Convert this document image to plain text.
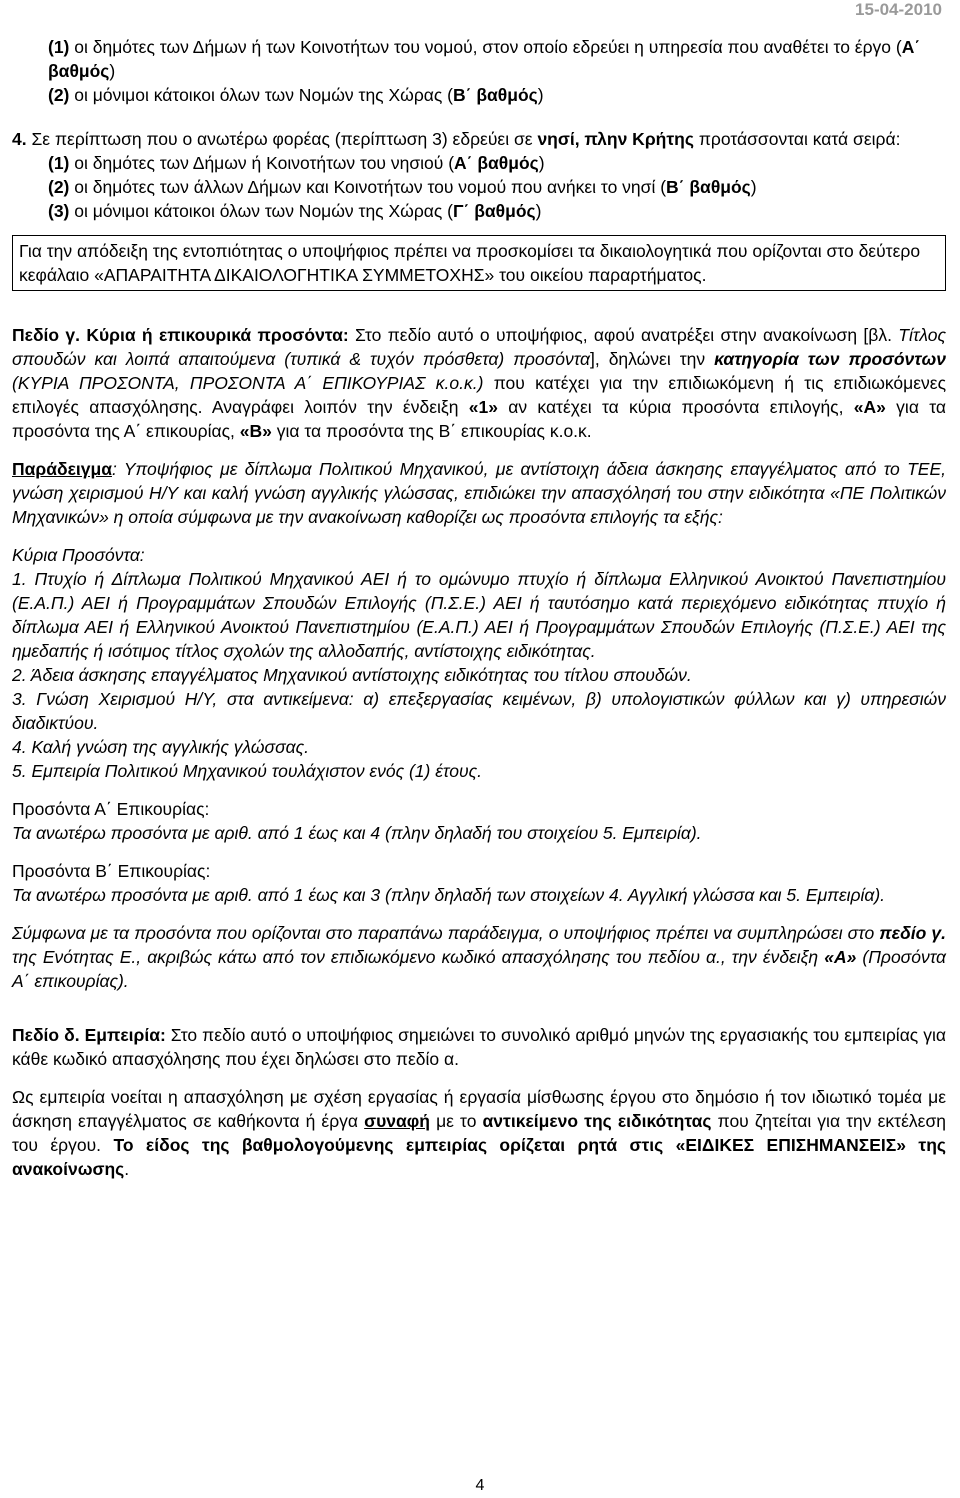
15-04-2010

(1) οι δημότες των Δήμων ή των Κοινοτήτων του νομού, στον οποίο εδρεύει η υπηρεσία που αναθέτει το έργο (Α΄ βαθμός)

(2) οι μόνιμοι κάτοικοι όλων των Νομών της Χώρας (Β΄ βαθμός)

4. Σε περίπτωση που ο ανωτέρω φορέας (περίπτωση 3) εδρεύει σε νησί, πλην Κρήτης προτάσσονται κατά σειρά:

(1) οι δημότες των Δήμων ή Κοινοτήτων του νησιού (Α΄ βαθμός)

(2) οι δημότες των άλλων Δήμων και Κοινοτήτων του νομού που ανήκει το νησί (Β΄ βαθμός)

(3) οι μόνιμοι κάτοικοι όλων των Νομών της Χώρας (Γ΄ βαθμός)

Για την απόδειξη της εντοπιότητας ο υποψήφιος πρέπει να προσκομίσει τα δικαιολογητικά που ορίζονται στο δεύτερο κεφάλαιο «ΑΠΑΡΑΙΤΗΤΑ ΔΙΚΑΙΟΛΟΓΗΤΙΚΑ ΣΥΜΜΕΤΟΧΗΣ» του οικείου παραρτήματος.

Πεδίο γ. Κύρια ή επικουρικά προσόντα: Στο πεδίο αυτό ο υποψήφιος, αφού ανατρέξει στην ανακοίνωση [βλ. Τίτλος σπουδών και λοιπά απαιτούμενα (τυπικά & τυχόν πρόσθετα) προσόντα], δηλώνει την κατηγορία των προσόντων (ΚΥΡΙΑ ΠΡΟΣΟΝΤΑ, ΠΡΟΣΟΝΤΑ Α΄ ΕΠΙΚΟΥΡΙΑΣ κ.ο.κ.) που κατέχει για την επιδιωκόμενη ή τις επιδιωκόμενες επιλογές απασχόλησης. Αναγράφει λοιπόν την ένδειξη «1» αν κατέχει τα κύρια προσόντα επιλογής, «Α» για τα προσόντα της Α΄ επικουρίας, «Β» για τα προσόντα της Β΄ επικουρίας κ.ο.κ.

Παράδειγμα: Υποψήφιος με δίπλωμα Πολιτικού Μηχανικού, με αντίστοιχη άδεια άσκησης επαγγέλματος από το ΤΕΕ, γνώση χειρισμού Η/Υ και καλή γνώση αγγλικής γλώσσας, επιδιώκει την απασχόλησή του στην ειδικότητα «ΠΕ Πολιτικών Μηχανικών» η οποία σύμφωνα με την ανακοίνωση καθορίζει ως προσόντα επιλογής τα εξής:

Κύρια Προσόντα:

1. Πτυχίο ή Δίπλωμα Πολιτικού Μηχανικού ΑΕΙ ή το ομώνυμο πτυχίο ή δίπλωμα Ελληνικού Ανοικτού Πανεπιστημίου (Ε.Α.Π.) ΑΕΙ ή Προγραμμάτων Σπουδών Επιλογής (Π.Σ.Ε.) ΑΕΙ ή ταυτόσημο κατά περιεχόμενο ειδικότητας πτυχίο ή δίπλωμα ΑΕΙ ή Ελληνικού Ανοικτού Πανεπιστημίου (Ε.Α.Π.) ΑΕΙ ή Προγραμμάτων Σπουδών Επιλογής (Π.Σ.Ε.) ΑΕΙ της ημεδαπής ή ισότιμος τίτλος σχολών της αλλοδαπής, αντίστοιχης ειδικότητας.

2. Άδεια άσκησης επαγγέλματος Μηχανικού αντίστοιχης ειδικότητας του τίτλου σπουδών.

3. Γνώση Χειρισμού Η/Υ, στα αντικείμενα: α) επεξεργασίας κειμένων, β) υπολογιστικών φύλλων και γ) υπηρεσιών διαδικτύου.

4. Καλή γνώση της αγγλικής γλώσσας.

5. Εμπειρία Πολιτικού Μηχανικού τουλάχιστον ενός (1) έτους.

Προσόντα Α΄ Επικουρίας:

Τα ανωτέρω προσόντα με αριθ. από 1 έως και 4 (πλην δηλαδή του στοιχείου 5. Εμπειρία).

Προσόντα Β΄ Επικουρίας:

Τα ανωτέρω προσόντα με αριθ. από 1 έως και 3 (πλην δηλαδή των στοιχείων 4. Αγγλική γλώσσα και 5. Εμπειρία).

Σύμφωνα με τα προσόντα που ορίζονται στο παραπάνω παράδειγμα, ο υποψήφιος πρέπει να συμπληρώσει στο πεδίο γ. της Ενότητας Ε., ακριβώς κάτω από τον επιδιωκόμενο κωδικό απασχόλησης του πεδίου α., την ένδειξη «Α» (Προσόντα Α΄ επικουρίας).

Πεδίο δ. Εμπειρία: Στο πεδίο αυτό ο υποψήφιος σημειώνει το συνολικό αριθμό μηνών της εργασιακής του εμπειρίας για κάθε κωδικό απασχόλησης που έχει δηλώσει στο πεδίο α.

Ως εμπειρία νοείται η απασχόληση με σχέση εργασίας ή εργασία μίσθωσης έργου στο δημόσιο ή τον ιδιωτικό τομέα με άσκηση επαγγέλματος σε καθήκοντα ή έργα συναφή με το αντικείμενο της ειδικότητας που ζητείται για την εκτέλεση του έργου. Το είδος της βαθμολογούμενης εμπειρίας ορίζεται ρητά στις «ΕΙΔΙΚΕΣ ΕΠΙΣΗΜΑΝΣΕΙΣ» της ανακοίνωσης.

4
